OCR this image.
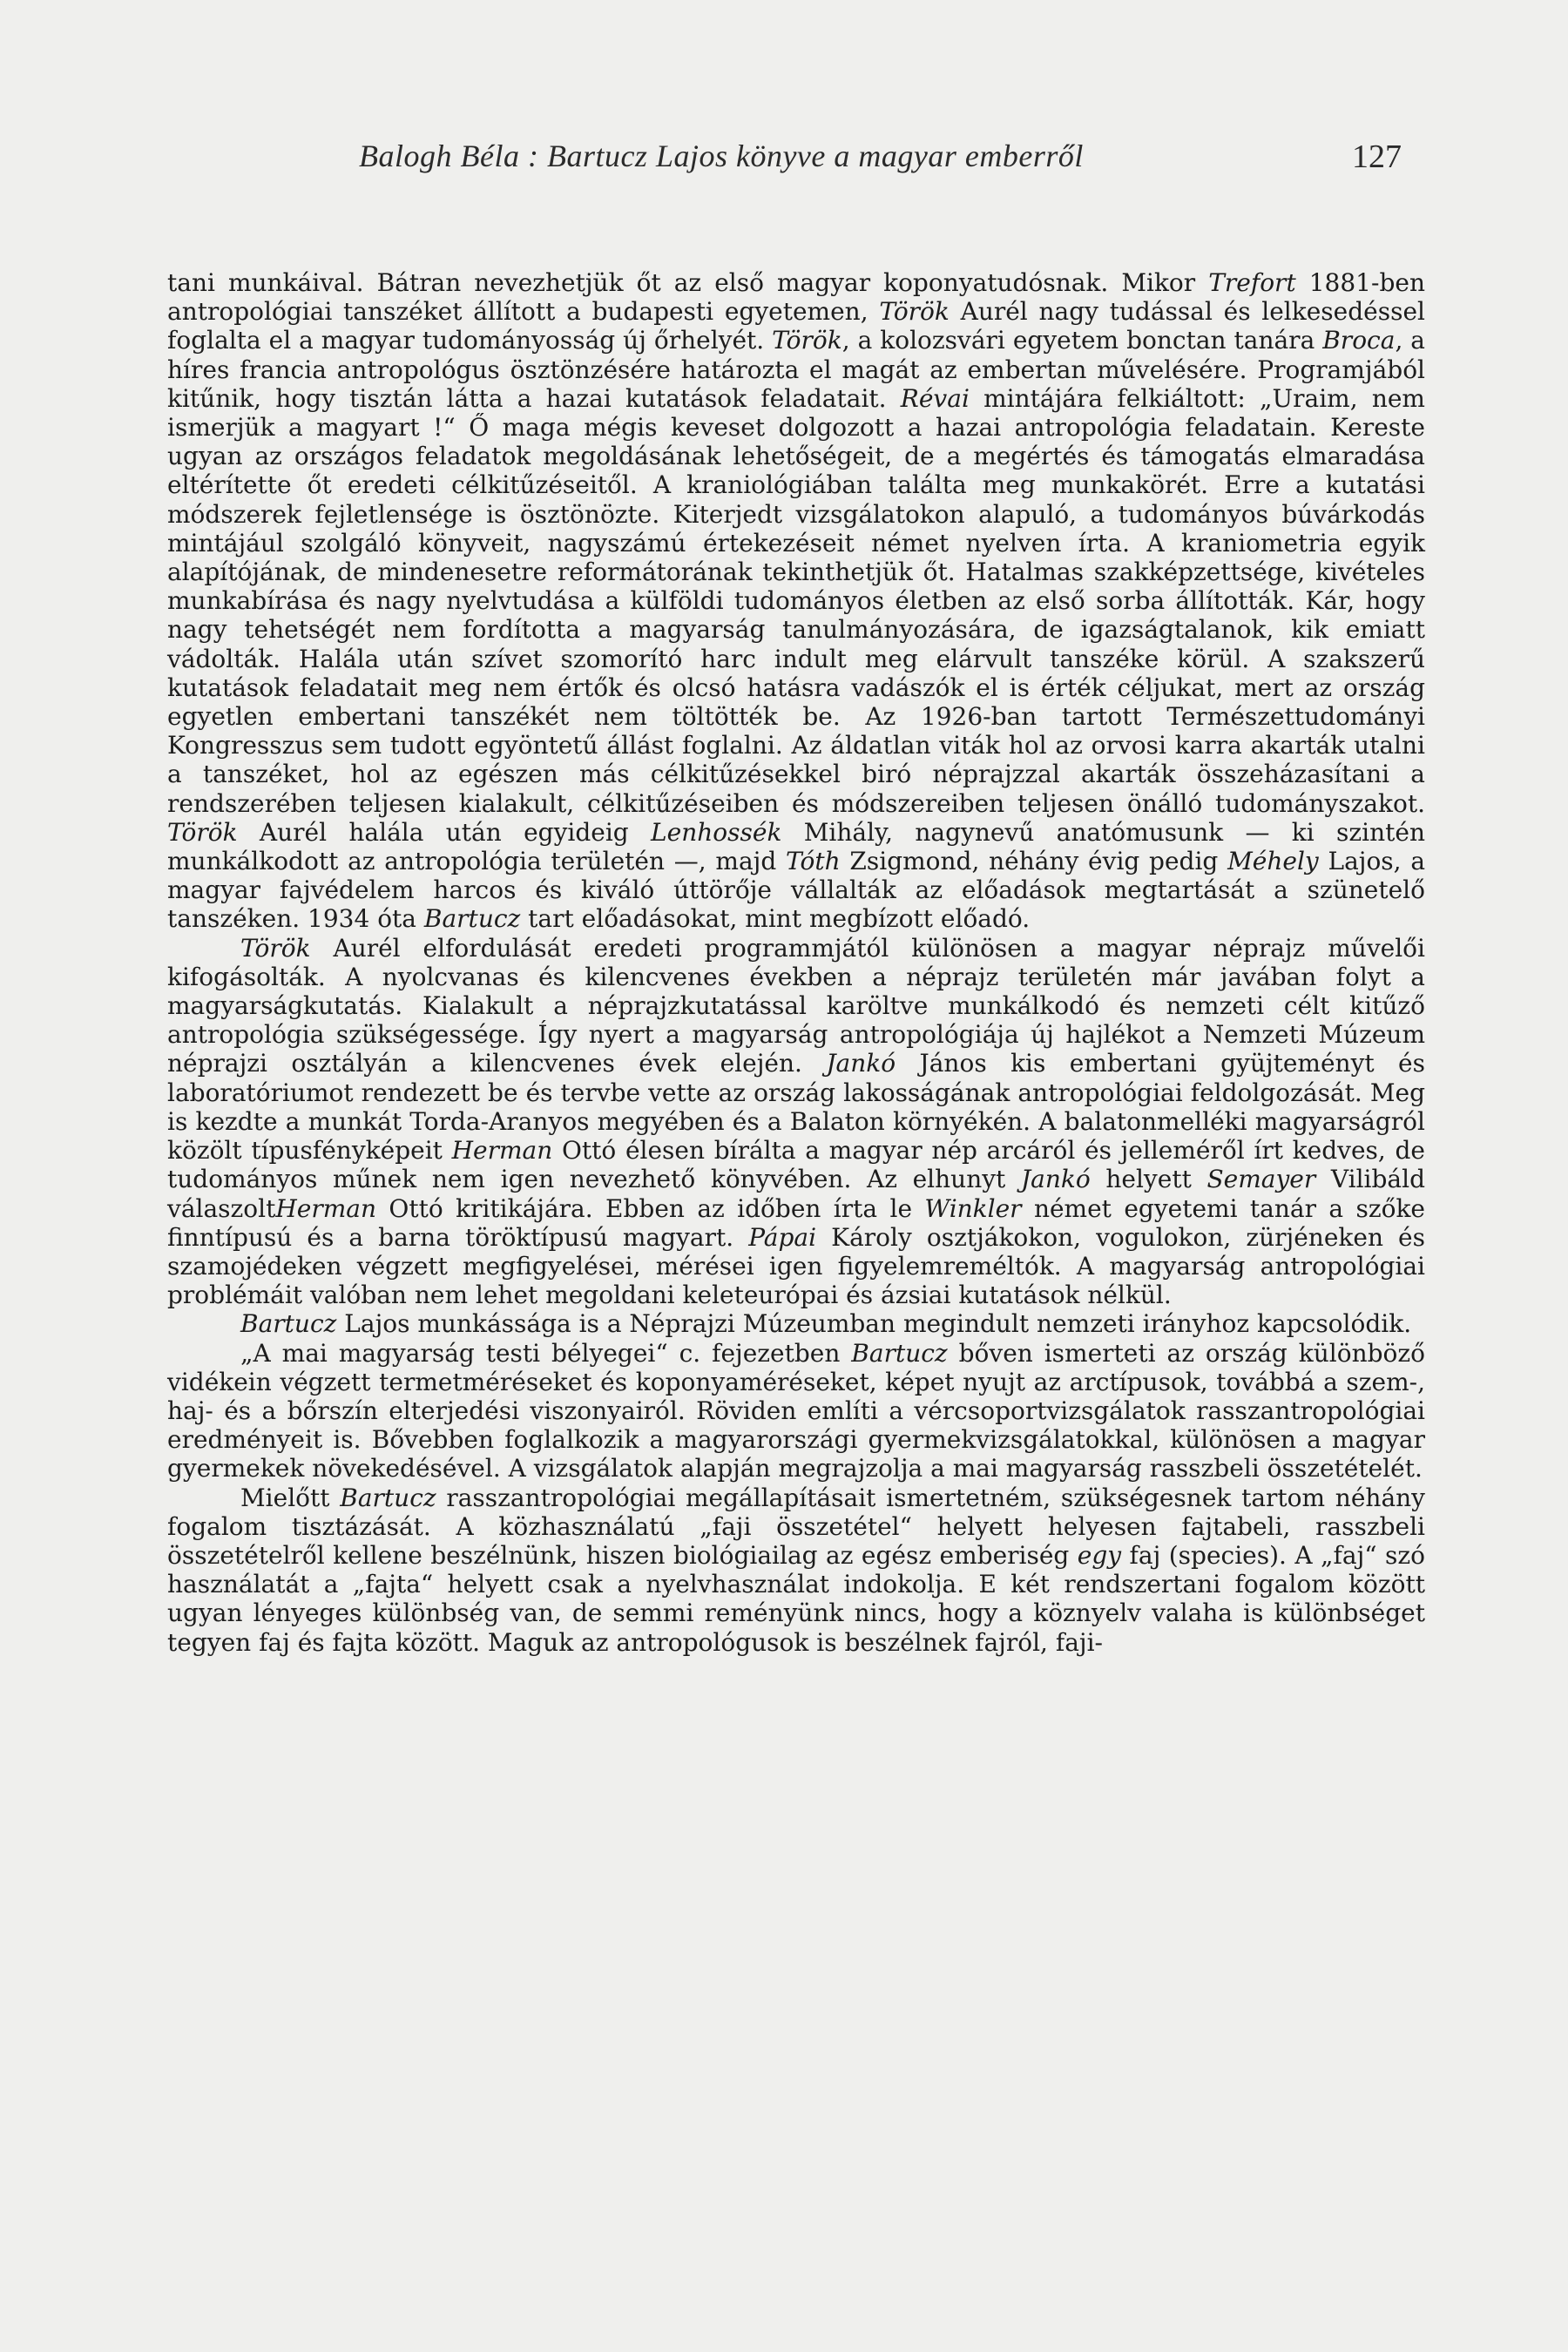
Balogh Béla : Bartucz Lajos könyve a magyar emberről	127

tani munkáival. Bátran nevezhetjük őt az első magyar koponyatudósnak. Mikor Trefort 1881-ben antropológiai tanszéket állított a budapesti egyetemen, Török Aurél nagy tudással és lelkesedéssel foglalta el a magyar tudományosság új őrhelyét. Török, a kolozsvári egyetem bonctan tanára Broca, a híres francia antropológus ösztönzésére határozta el magát az embertan művelésére. Programjából kitűnik, hogy tisztán látta a hazai kutatások feladatait. Révai mintájára felkiáltott: „Uraim, nem ismerjük a magyart !“ Ő maga mégis keveset dolgozott a hazai antropológia feladatain. Kereste ugyan az országos feladatok megoldásának lehetőségeit, de a megértés és támogatás elmaradása eltérítette őt eredeti célkitűzéseitől. A kraniológiában találta meg munkakörét. Erre a kutatási módszerek fejletlensége is ösztönözte. Kiterjedt vizsgálatokon alapuló, a tudományos búvárkodás mintájául szolgáló könyveit, nagyszámú értekezéseit német nyelven írta. A kraniometria egyik alapítójának, de mindenesetre reformátorának tekinthetjük őt. Hatalmas szakképzettsége, kivételes munkabírása és nagy nyelvtudása a külföldi tudományos életben az első sorba állították. Kár, hogy nagy tehetségét nem fordította a magyarság tanulmányozására, de igazságtalanok, kik emiatt vádolták. Halála után szívet szomorító harc indult meg elárvult tanszéke körül. A szakszerű kutatások feladatait meg nem értők és olcsó hatásra vadászók el is érték céljukat, mert az ország egyetlen embertani tanszékét nem töltötték be. Az 1926-ban tartott Természettudományi Kongresszus sem tudott egyöntetű állást foglalni. Az áldatlan viták hol az orvosi karra akarták utalni a tanszéket, hol az egészen más célkitűzésekkel biró néprajzzal akarták összeházasítani a rendszerében teljesen kialakult, célkitűzéseiben és módszereiben teljesen önálló tudományszakot. Török Aurél halála után egyideig Lenhossék Mihály, nagynevű anatómusunk — ki szintén munkálkodott az antropológia területén —, majd Tóth Zsigmond, néhány évig pedig Méhely Lajos, a magyar fajvédelem harcos és kiváló úttörője vállalták az előadások megtartását a szünetelő tanszéken. 1934 óta Bartucz tart előadásokat, mint megbízott előadó.

Török Aurél elfordulását eredeti programmjától különösen a magyar néprajz művelői kifogásolták. A nyolcvanas és kilencvenes években a néprajz területén már javában folyt a magyarságkutatás. Kialakult a néprajzkutatással karöltve munkálkodó és nemzeti célt kitűző antropológia szükségessége. Így nyert a magyarság antropológiája új hajlékot a Nemzeti Múzeum néprajzi osztályán a kilencvenes évek elején. Jankó János kis embertani gyüjteményt és laboratóriumot rendezett be és tervbe vette az ország lakosságának antropológiai feldolgozását. Meg is kezdte a munkát Torda-Aranyos megyében és a Balaton környékén. A balatonmelléki magyarságról közölt típusfényképeit Herman Ottó élesen bírálta a magyar nép arcáról és jelleméről írt kedves, de tudományos műnek nem igen nevezhető könyvében. Az elhunyt Jankó helyett Semayer Vilibáld válaszoltHerman Ottó kritikájára. Ebben az időben írta le Winkler német egyetemi tanár a szőke finntípusú és a barna töröktípusú magyart. Pápai Károly osztjákokon, vogulokon, zürjéneken és szamojédeken végzett megfigyelései, mérései igen figyelemreméltók. A magyarság antropológiai problémáit valóban nem lehet megoldani keleteurópai és ázsiai kutatások nélkül.

Bartucz Lajos munkássága is a Néprajzi Múzeumban megindult nemzeti irányhoz kapcsolódik.

„A mai magyarság testi bélyegei“ c. fejezetben Bartucz bőven ismerteti az ország különböző vidékein végzett termetméréseket és koponyaméréseket, képet nyujt az arctípusok, továbbá a szem-, haj- és a bőrszín elterjedési viszonyairól. Röviden említi a vércsoportvizsgálatok rasszantropológiai eredményeit is. Bővebben foglalkozik a magyarországi gyermekvizsgálatokkal, különösen a magyar gyermekek növekedésével. A vizsgálatok alapján megrajzolja a mai magyarság rasszbeli összetételét.

Mielőtt Bartucz rasszantropológiai megállapításait ismertetném, szükségesnek tartom néhány fogalom tisztázását. A közhasználatú „faji összetétel“ helyett helyesen fajtabeli, rasszbeli összetételről kellene beszélnünk, hiszen biológiailag az egész emberiség egy faj (species). A „faj“ szó használatát a „fajta“ helyett csak a nyelvhasználat indokolja. E két rendszertani fogalom között ugyan lényeges különbség van, de semmi reményünk nincs, hogy a köznyelv valaha is különbséget tegyen faj és fajta között. Maguk az antropológusok is beszélnek fajról, faji-
